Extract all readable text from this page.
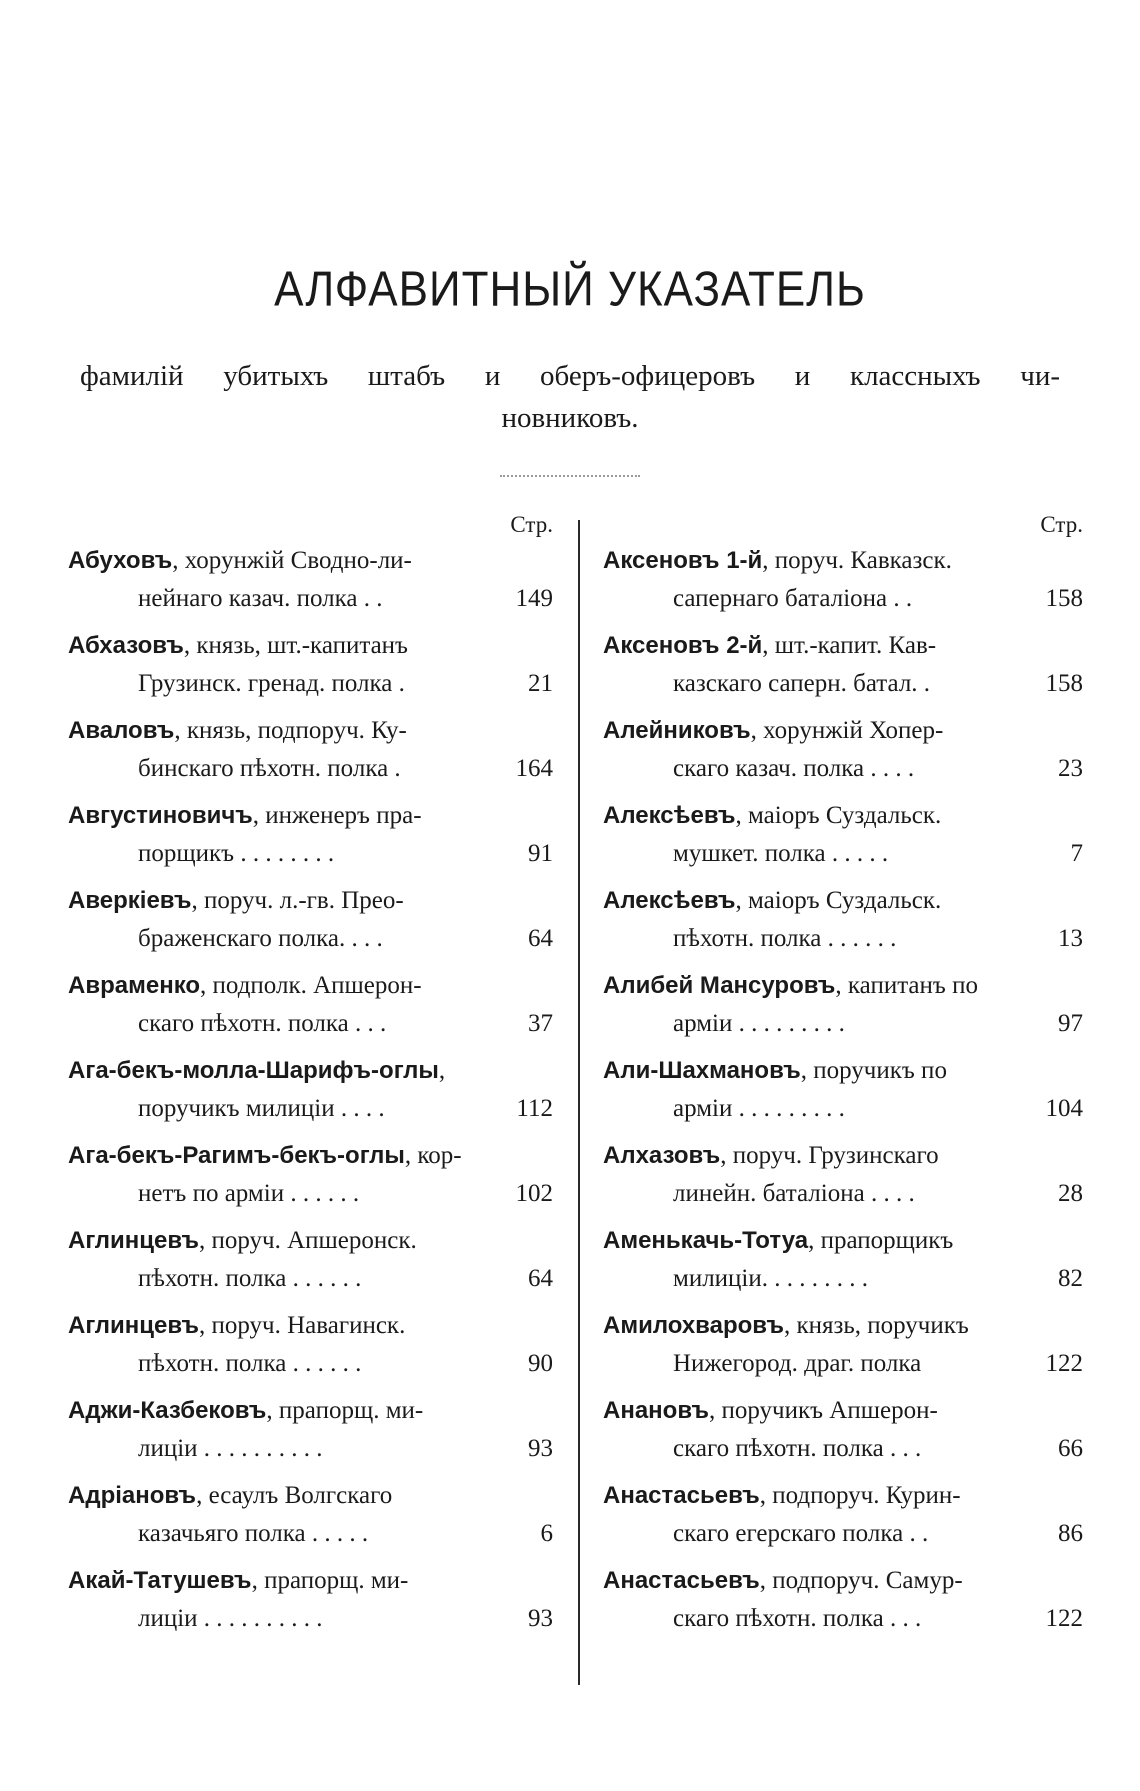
АЛФАВИТНЫЙ УКАЗАТЕЛЬ
фамилій убитыхъ штабъ и оберъ-офицеровъ и классныхъ чи-
новниковъ.
Стр.
Абуховъ, хорунжій Сводно-ли-
нейнаго казач. полка . .	149
Абхазовъ, князь, шт.-капитанъ
Грузинск. гренад. полка .	21
Аваловъ, князь, подпоруч. Ку-
бинскаго пѣхотн. полка .	164
Августиновичъ, инженеръ пра-
порщикъ . . . . . . . .	91
Аверкіевъ, поруч. л.-гв. Прео-
браженскаго полка. . . .	64
Авраменко, подполк. Апшерон-
скаго пѣхотн. полка . . .	37
Ага-бекъ-молла-Шарифъ-оглы,
поручикъ милиціи . . . .	112
Ага-бекъ-Рагимъ-бекъ-оглы, кор-
нетъ по арміи . . . . . .	102
Аглинцевъ, поруч. Апшеронск.
пѣхотн. полка . . . . . .	64
Аглинцевъ, поруч. Навагинск.
пѣхотн. полка . . . . . .	90
Аджи-Казбековъ, прапорщ. ми-
лиціи . . . . . . . . . .	93
Адріановъ, есаулъ Волгскаго
казачьяго полка . . . . .	6
Акай-Татушевъ, прапорщ. ми-
лиціи . . . . . . . . . .	93
Стр.
Аксеновъ 1-й, поруч. Кавказск.
сапернаго баталіона . .	158
Аксеновъ 2-й, шт.-капит. Кав-
казскаго саперн. батал. .	158
Алейниковъ, хорунжій Хопер-
скаго казач. полка . . . .	23
Алексѣевъ, маіоръ Суздальск.
мушкет. полка . . . . .	7
Алексѣевъ, маіоръ Суздальск.
пѣхотн. полка . . . . . .	13
Алибей Мансуровъ, капитанъ по
арміи . . . . . . . . .	97
Али-Шахмановъ, поручикъ по
арміи . . . . . . . . .	104
Алхазовъ, поруч. Грузинскаго
линейн. баталіона . . . .	28
Аменькачь-Тотуа, прапорщикъ
милиціи. . . . . . . . .	82
Амилохваровъ, князь, поручикъ
Нижегород. драг. полка	122
Анановъ, поручикъ Апшерон-
скаго пѣхотн. полка . . .	66
Анастасьевъ, подпоруч. Курин-
скаго егерскаго полка . .	86
Анастасьевъ, подпоруч. Самур-
скаго пѣхотн. полка . . .	122
